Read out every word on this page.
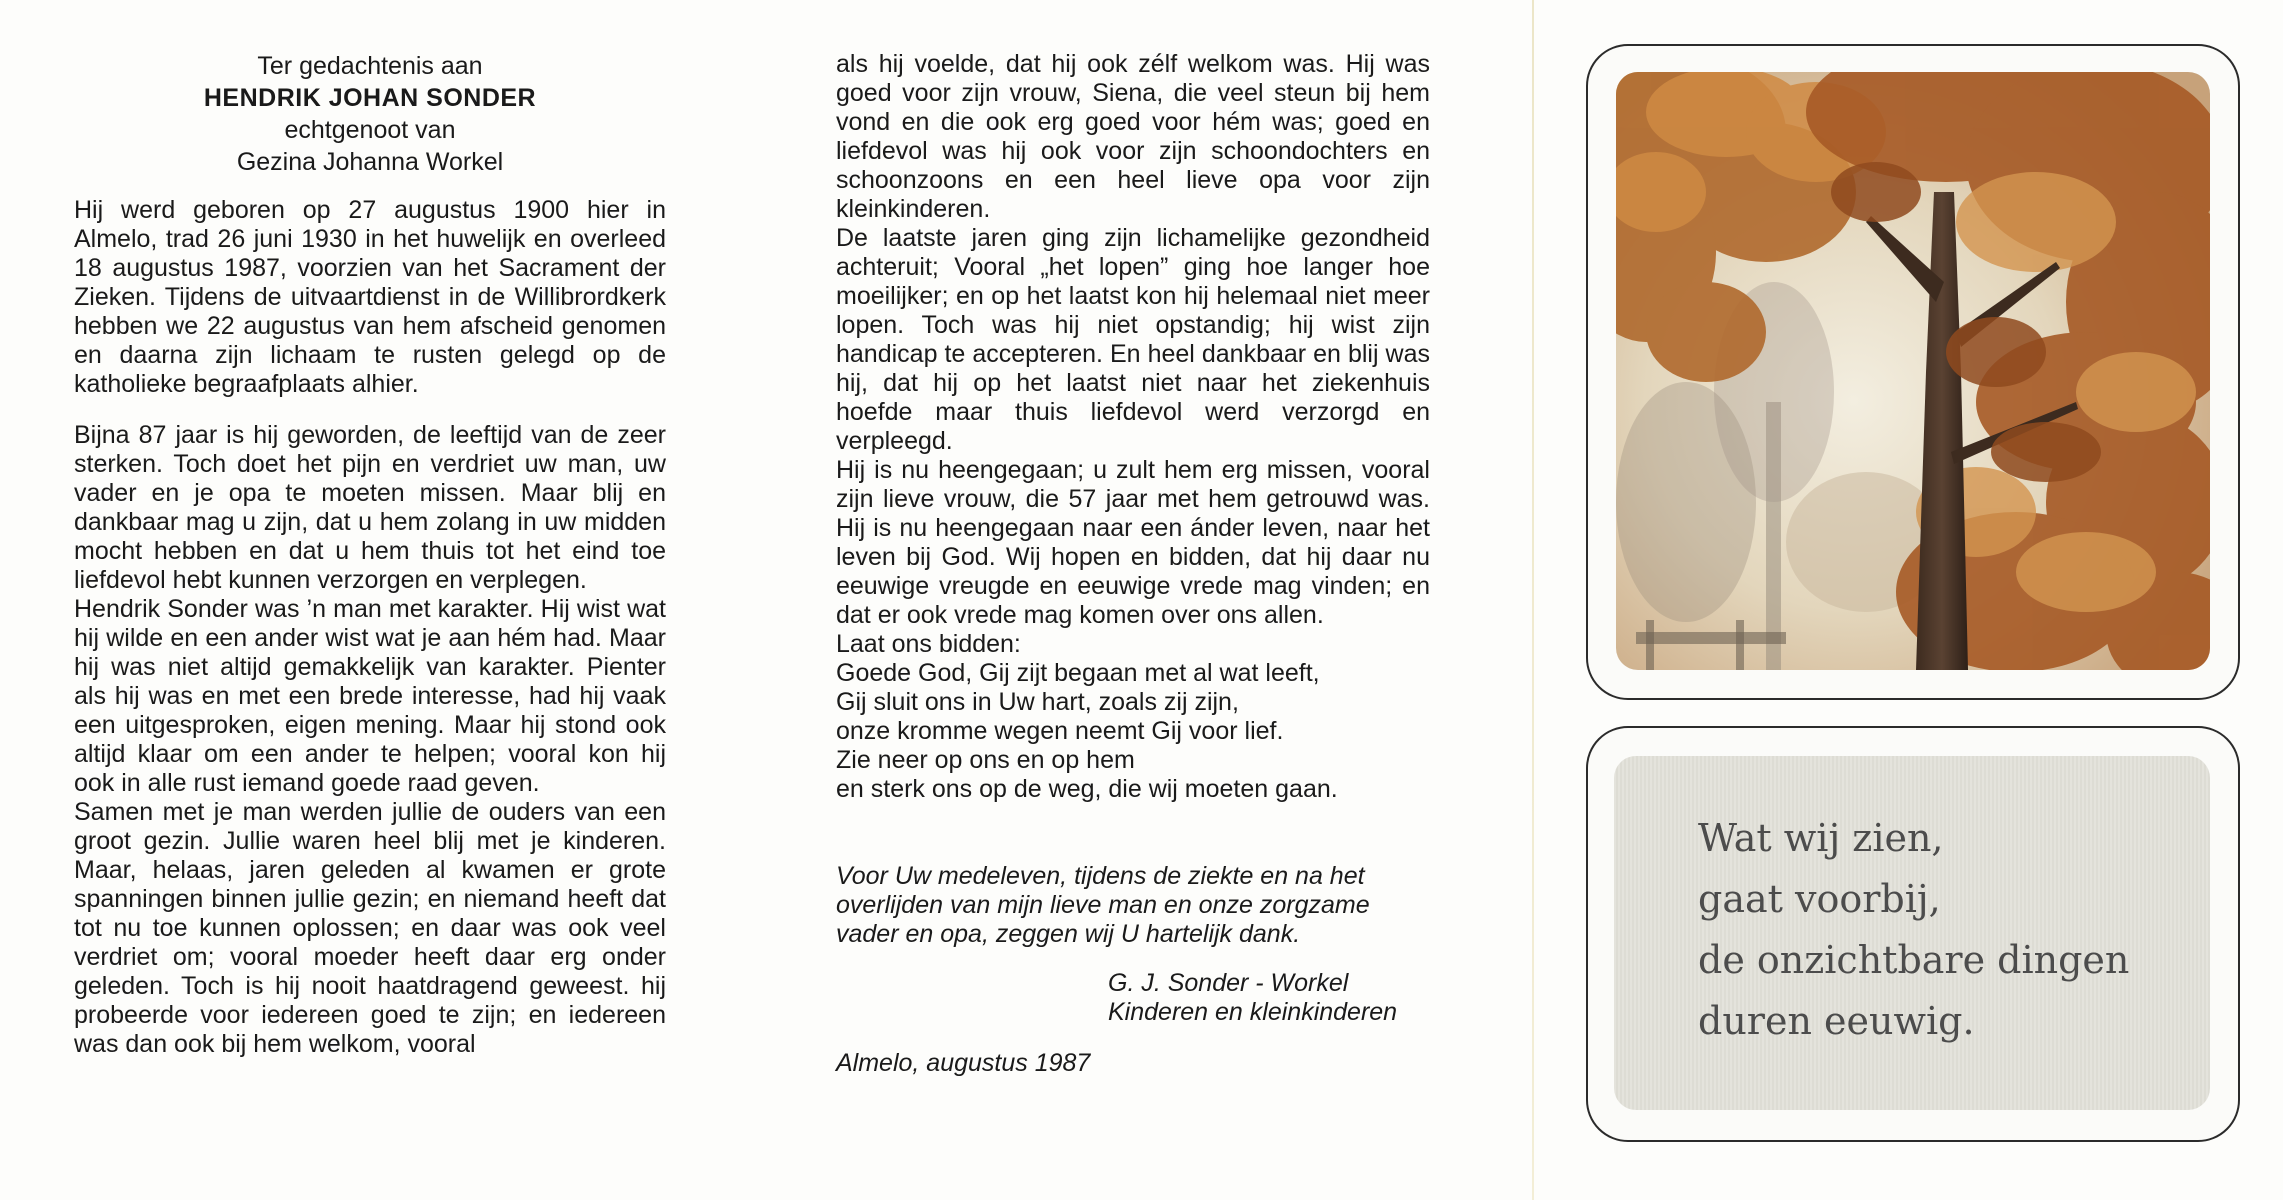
Ter gedachtenis aan
HENDRIK JOHAN SONDER
echtgenoot van
Gezina Johanna Workel

Hij werd geboren op 27 augustus 1900 hier in Almelo, trad 26 juni 1930 in het huwelijk en overleed 18 augustus 1987, voorzien van het Sacrament der Zieken. Tijdens de uitvaartdienst in de Willibrordkerk hebben we 22 augustus van hem afscheid genomen en daarna zijn lichaam te rusten gelegd op de katholieke begraafplaats alhier.

Bijna 87 jaar is hij geworden, de leeftijd van de zeer sterken. Toch doet het pijn en verdriet uw man, uw vader en je opa te moeten missen. Maar blij en dankbaar mag u zijn, dat u hem zolang in uw midden mocht hebben en dat u hem thuis tot het eind toe liefdevol hebt kunnen verzorgen en verplegen.

Hendrik Sonder was ’n man met karakter. Hij wist wat hij wilde en een ander wist wat je aan hém had. Maar hij was niet altijd gemakkelijk van karakter. Pienter als hij was en met een brede interesse, had hij vaak een uitgesproken, eigen mening. Maar hij stond ook altijd klaar om een ander te helpen; vooral kon hij ook in alle rust iemand goede raad geven.

Samen met je man werden jullie de ouders van een groot gezin. Jullie waren heel blij met je kinderen. Maar, helaas, jaren geleden al kwamen er grote spanningen binnen jullie gezin; en niemand heeft dat tot nu toe kunnen oplossen; en daar was ook veel verdriet om; vooral moeder heeft daar erg onder geleden. Toch is hij nooit haatdragend geweest. hij probeerde voor iedereen goed te zijn; en iedereen was dan ook bij hem welkom, vooral

als hij voelde, dat hij ook zélf welkom was. Hij was goed voor zijn vrouw, Siena, die veel steun bij hem vond en die ook erg goed voor hém was; goed en liefdevol was hij ook voor zijn schoondochters en schoonzoons en een heel lieve opa voor zijn kleinkinderen.

De laatste jaren ging zijn lichamelijke gezondheid achteruit; Vooral „het lopen” ging hoe langer hoe moeilijker; en op het laatst kon hij helemaal niet meer lopen. Toch was hij niet opstandig; hij wist zijn handicap te accepteren. En heel dankbaar en blij was hij, dat hij op het laatst niet naar het ziekenhuis hoefde maar thuis liefdevol werd verzorgd en verpleegd.

Hij is nu heengegaan; u zult hem erg missen, vooral zijn lieve vrouw, die 57 jaar met hem getrouwd was. Hij is nu heengegaan naar een ánder leven, naar het leven bij God. Wij hopen en bidden, dat hij daar nu eeuwige vreugde en eeuwige vrede mag vinden; en dat er ook vrede mag komen over ons allen.

Laat ons bidden:
Goede God, Gij zijt begaan met al wat leeft,
Gij sluit ons in Uw hart, zoals zij zijn,
onze kromme wegen neemt Gij voor lief.
Zie neer op ons en op hem
en sterk ons op de weg, die wij moeten gaan.
Voor Uw medeleven, tijdens de ziekte en na het overlijden van mijn lieve man en onze zorgzame vader en opa, zeggen wij U hartelijk dank.
G. J. Sonder - Workel
Kinderen en kleinkinderen
Almelo, augustus 1987
Wat wij zien,
gaat voorbij,
de onzichtbare dingen
duren eeuwig.
